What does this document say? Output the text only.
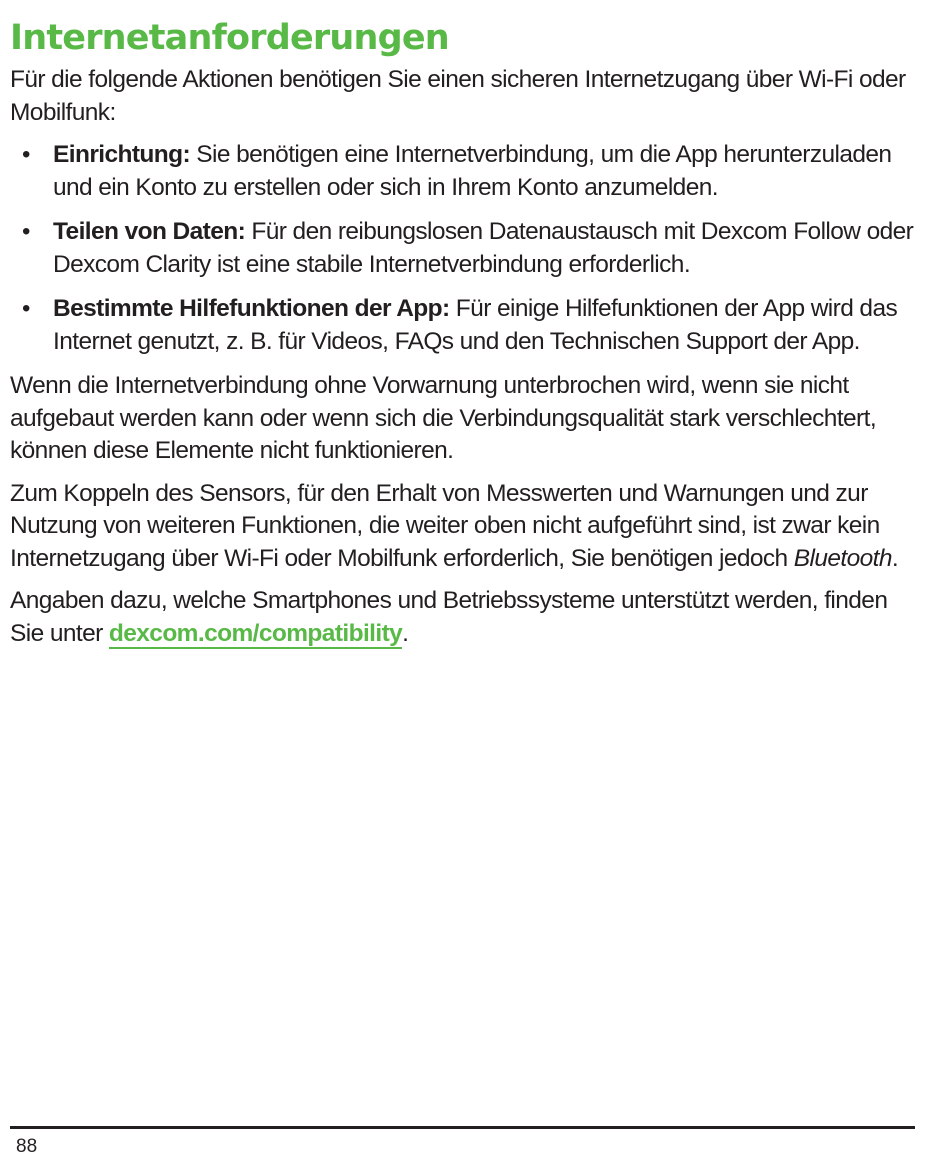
Internetanforderungen

Für die folgende Aktionen benötigen Sie einen sicheren Internetzugang über Wi-Fi oder Mobilfunk:

• Einrichtung: Sie benötigen eine Internetverbindung, um die App herunterzuladen und ein Konto zu erstellen oder sich in Ihrem Konto anzumelden.
• Teilen von Daten: Für den reibungslosen Datenaustausch mit Dexcom Follow oder Dexcom Clarity ist eine stabile Internetverbindung erforderlich.
• Bestimmte Hilfefunktionen der App: Für einige Hilfefunktionen der App wird das Internet genutzt, z. B. für Videos, FAQs und den Technischen Support der App.

Wenn die Internetverbindung ohne Vorwarnung unterbrochen wird, wenn sie nicht aufgebaut werden kann oder wenn sich die Verbindungsqualität stark verschlechtert, können diese Elemente nicht funktionieren.

Zum Koppeln des Sensors, für den Erhalt von Messwerten und Warnungen und zur Nutzung von weiteren Funktionen, die weiter oben nicht aufgeführt sind, ist zwar kein Internetzugang über Wi-Fi oder Mobilfunk erforderlich, Sie benötigen jedoch Bluetooth.

Angaben dazu, welche Smartphones und Betriebssysteme unterstützt werden, finden Sie unter dexcom.com/compatibility.

88
